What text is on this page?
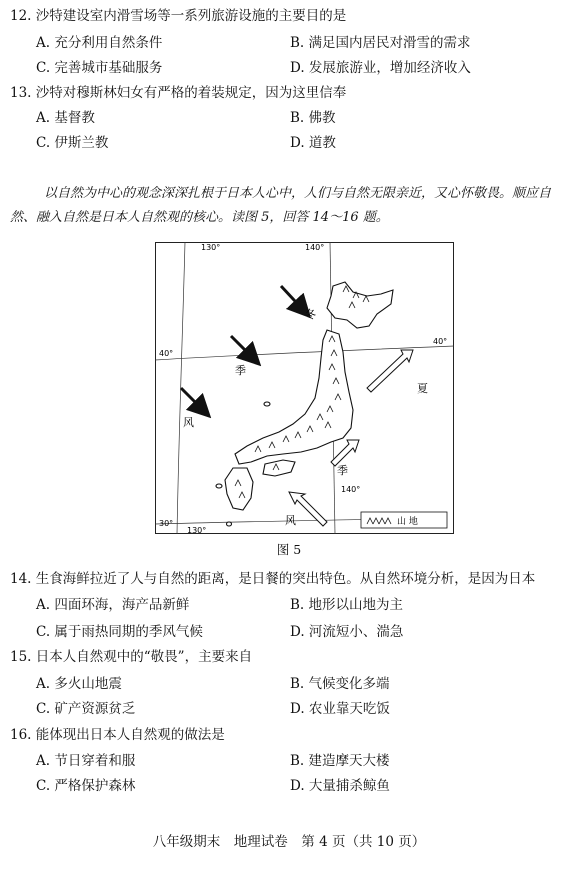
12. 沙特建设室内滑雪场等一系列旅游设施的主要目的是
A. 充分利用自然条件	B. 满足国内居民对滑雪的需求
C. 完善城市基础服务	D. 发展旅游业，增加经济收入
13. 沙特对穆斯林妇女有严格的着装规定，因为这里信奉
A. 基督教	B. 佛教
C. 伊斯兰教	D. 道教
以自然为中心的观念深深扎根于日本人心中，人们与自然无限亲近，又心怀敬畏。顺应自
然、融入自然是日本人自然观的核心。读图 5，回答 14～16 题。
130°	140°
40°
40°
140°
30°
130°
冬
季
风
夏
季
风	山 地
图 5
14. 生食海鲜拉近了人与自然的距离，是日餐的突出特色。从自然环境分析，是因为日本
A. 四面环海，海产品新鲜	B. 地形以山地为主
C. 属于雨热同期的季风气候	D. 河流短小、湍急
15. 日本人自然观中的“敬畏”，主要来自
A. 多火山地震	B. 气候变化多端
C. 矿产资源贫乏	D. 农业靠天吃饭
16. 能体现出日本人自然观的做法是
A. 节日穿着和服	B. 建造摩天大楼
C. 严格保护森林	D. 大量捕杀鲸鱼
八年级期末　地理试卷　第 4 页（共 10 页）
